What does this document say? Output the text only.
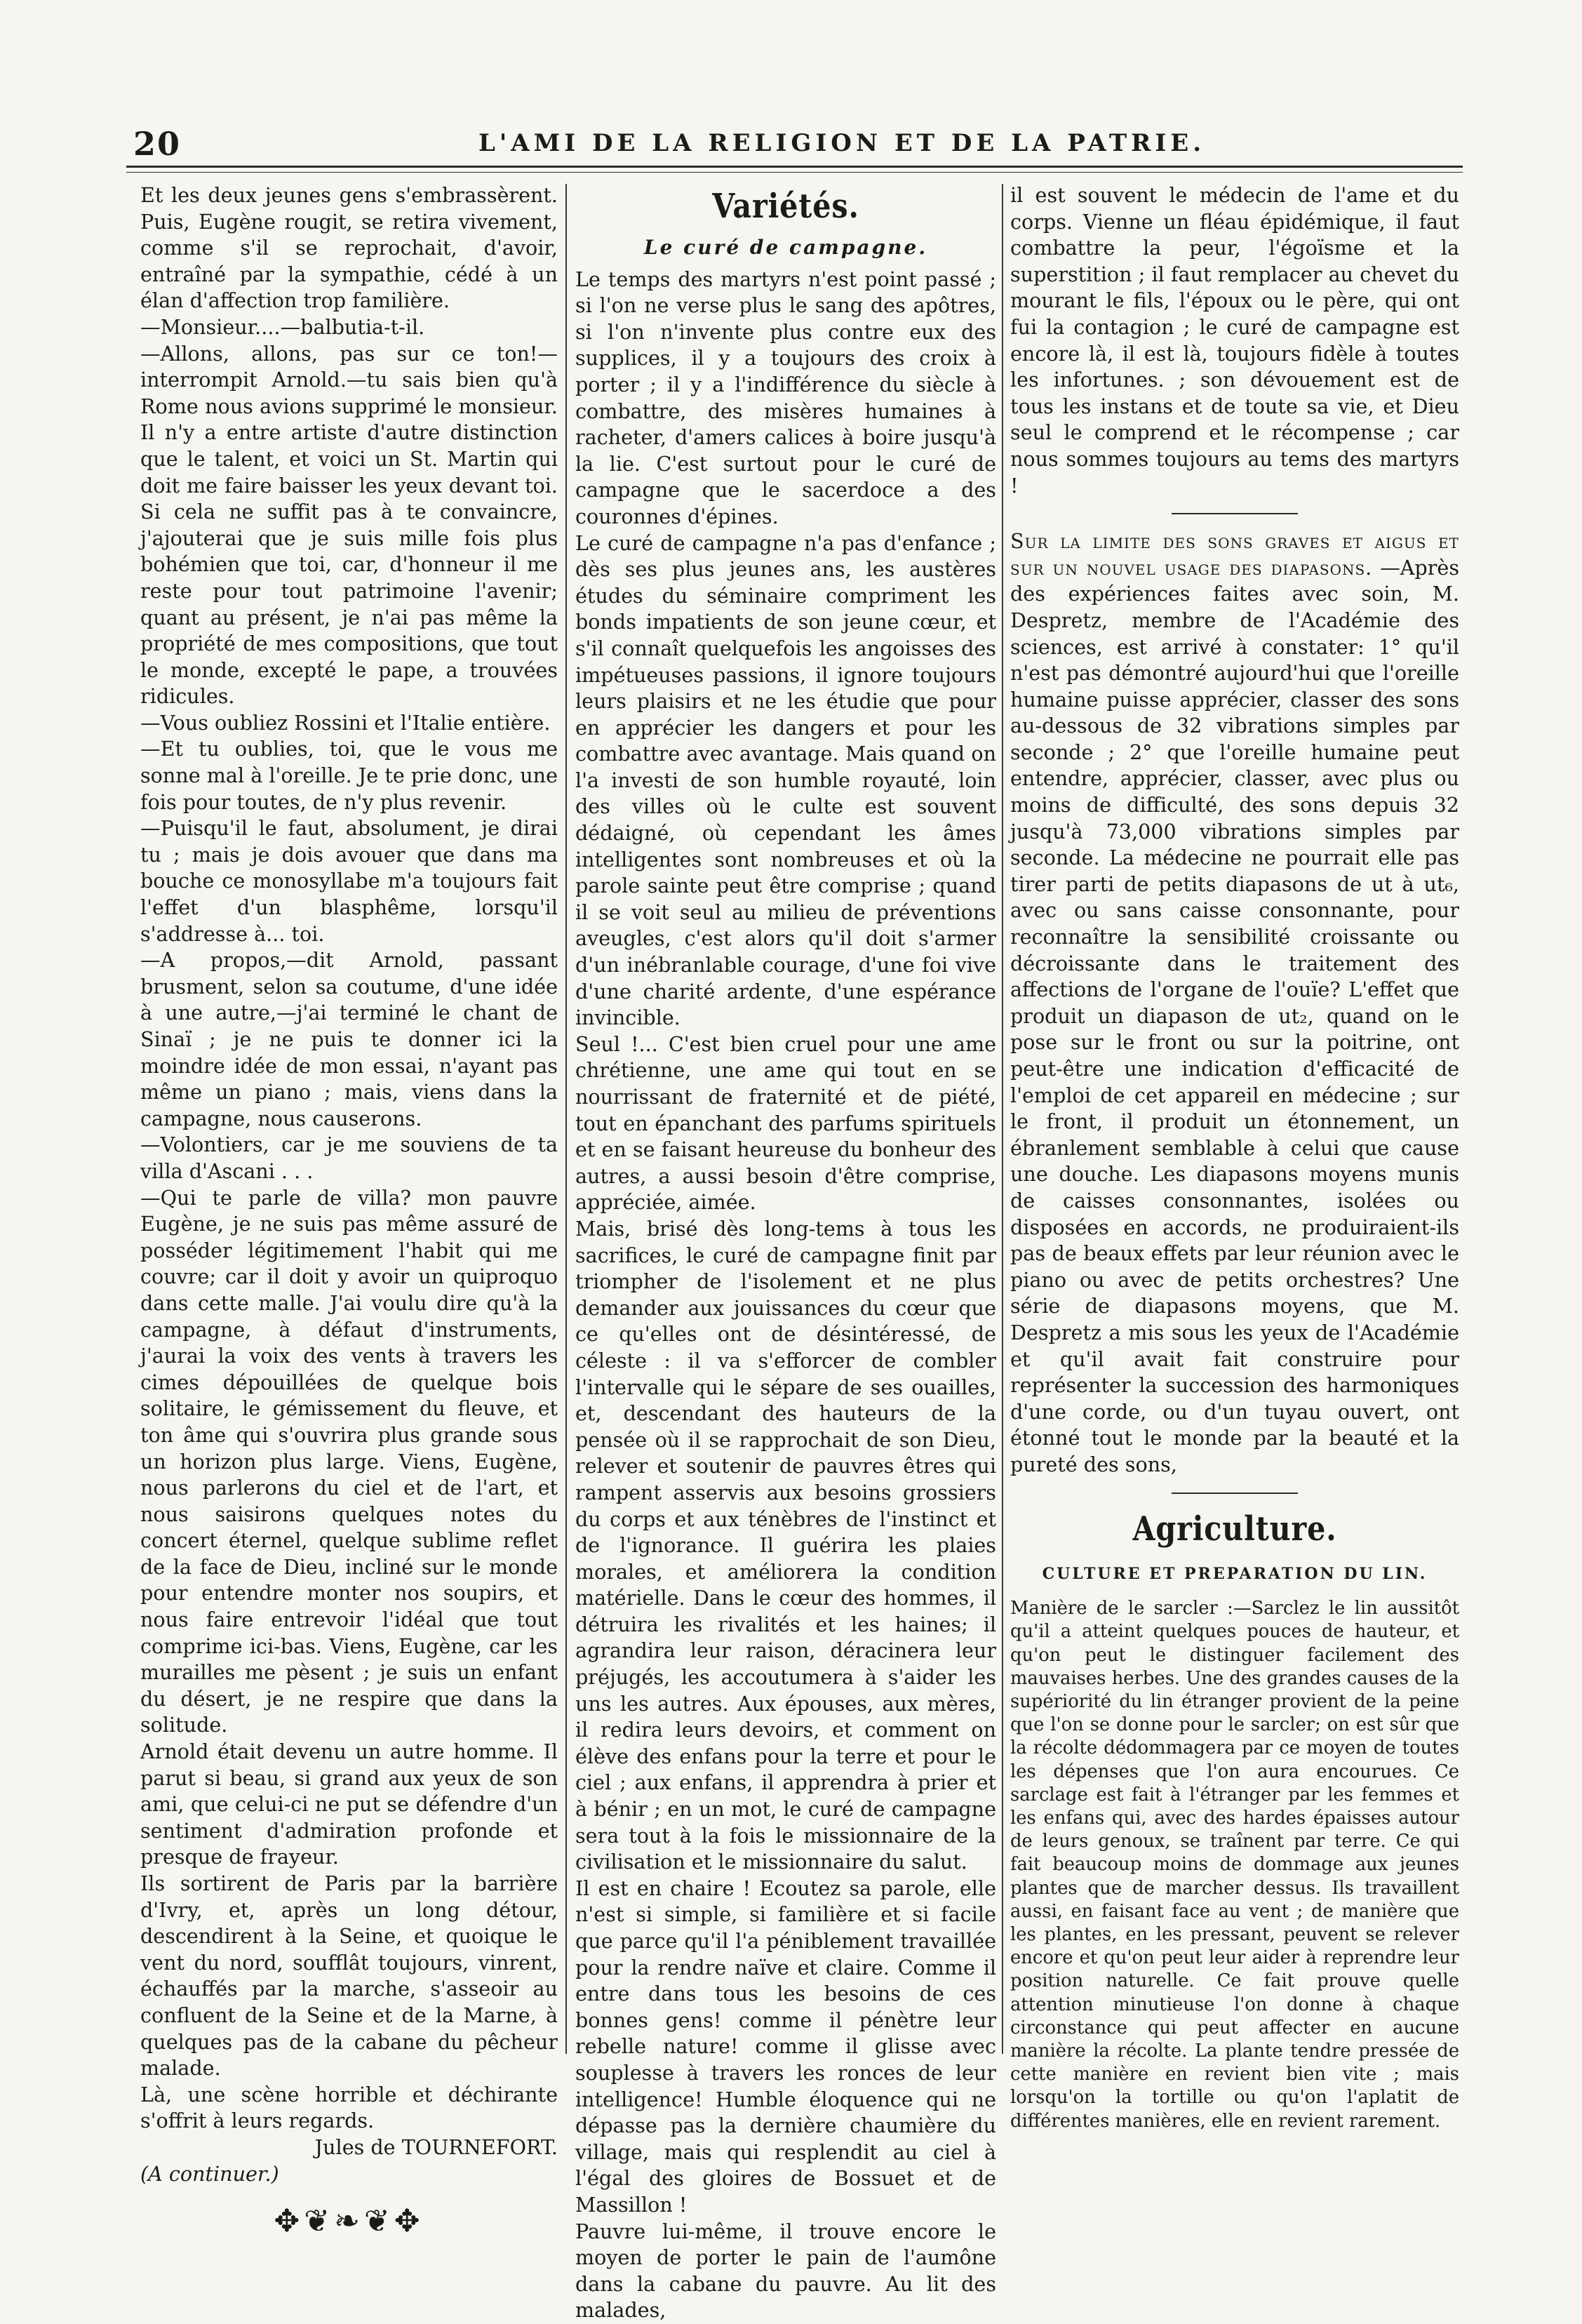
20	L'AMI DE LA RELIGION ET DE LA PATRIE.

Et les deux jeunes gens s'embrassèrent. Puis, Eugène rougit, se retira vivement, comme s'il se reprochait, d'avoir, entraîné par la sympathie, cédé à un élan d'affection trop familière.

—Monsieur....—balbutia-t-il.

—Allons, allons, pas sur ce ton!—interrompit Arnold.—tu sais bien qu'à Rome nous avions supprimé le monsieur. Il n'y a entre artiste d'autre distinction que le talent, et voici un St. Martin qui doit me faire baisser les yeux devant toi. Si cela ne suffit pas à te convaincre, j'ajouterai que je suis mille fois plus bohémien que toi, car, d'honneur il me reste pour tout patrimoine l'avenir; quant au présent, je n'ai pas même la propriété de mes compositions, que tout le monde, excepté le pape, a trouvées ridicules.

—Vous oubliez Rossini et l'Italie entière.

—Et tu oublies, toi, que le vous me sonne mal à l'oreille. Je te prie donc, une fois pour toutes, de n'y plus revenir.

—Puisqu'il le faut, absolument, je dirai tu ; mais je dois avouer que dans ma bouche ce monosyllabe m'a toujours fait l'effet d'un blasphême, lorsqu'il s'addresse à... toi.

—A propos,—dit Arnold, passant brusment, selon sa coutume, d'une idée à une autre,—j'ai terminé le chant de Sinaï ; je ne puis te donner ici la moindre idée de mon essai, n'ayant pas même un piano ; mais, viens dans la campagne, nous causerons.

—Volontiers, car je me souviens de ta villa d'Ascani . . .

—Qui te parle de villa? mon pauvre Eugène, je ne suis pas même assuré de posséder légitimement l'habit qui me couvre; car il doit y avoir un quiproquo dans cette malle. J'ai voulu dire qu'à la campagne, à défaut d'instruments, j'aurai la voix des vents à travers les cimes dépouillées de quelque bois solitaire, le gémissement du fleuve, et ton âme qui s'ouvrira plus grande sous un horizon plus large. Viens, Eugène, nous parlerons du ciel et de l'art, et nous saisirons quelques notes du concert éternel, quelque sublime reflet de la face de Dieu, incliné sur le monde pour entendre monter nos soupirs, et nous faire entrevoir l'idéal que tout comprime ici-bas. Viens, Eugène, car les murailles me pèsent ; je suis un enfant du désert, je ne respire que dans la solitude.

Arnold était devenu un autre homme. Il parut si beau, si grand aux yeux de son ami, que celui-ci ne put se défendre d'un sentiment d'admiration profonde et presque de frayeur.

Ils sortirent de Paris par la barrière d'Ivry, et, après un long détour, descendirent à la Seine, et quoique le vent du nord, soufflât toujours, vinrent, échauffés par la marche, s'asseoir au confluent de la Seine et de la Marne, à quelques pas de la cabane du pêcheur malade.

Là, une scène horrible et déchirante s'offrit à leurs regards.

Jules de TOURNEFORT.

(A continuer.)

✥❦❧❦✥
Variétés.
Le curé de campagne.

Le temps des martyrs n'est point passé ; si l'on ne verse plus le sang des apôtres, si l'on n'invente plus contre eux des supplices, il y a toujours des croix à porter ; il y a l'indifférence du siècle à combattre, des misères humaines à racheter, d'amers calices à boire jusqu'à la lie. C'est surtout pour le curé de campagne que le sacerdoce a des couronnes d'épines.

Le curé de campagne n'a pas d'enfance ; dès ses plus jeunes ans, les austères études du séminaire compriment les bonds impatients de son jeune cœur, et s'il connaît quelquefois les angoisses des impétueuses passions, il ignore toujours leurs plaisirs et ne les étudie que pour en apprécier les dangers et pour les combattre avec avantage. Mais quand on l'a investi de son humble royauté, loin des villes où le culte est souvent dédaigné, où cependant les âmes intelligentes sont nombreuses et où la parole sainte peut être comprise ; quand il se voit seul au milieu de préventions aveugles, c'est alors qu'il doit s'armer d'un inébranlable courage, d'une foi vive d'une charité ardente, d'une espérance invincible.

Seul !... C'est bien cruel pour une ame chrétienne, une ame qui tout en se nourrissant de fraternité et de piété, tout en épanchant des parfums spirituels et en se faisant heureuse du bonheur des autres, a aussi besoin d'être comprise, appréciée, aimée.

Mais, brisé dès long-tems à tous les sacrifices, le curé de campagne finit par triompher de l'isolement et ne plus demander aux jouissances du cœur que ce qu'elles ont de désintéressé, de céleste : il va s'efforcer de combler l'intervalle qui le sépare de ses ouailles, et, descendant des hauteurs de la pensée où il se rapprochait de son Dieu, relever et soutenir de pauvres êtres qui rampent asservis aux besoins grossiers du corps et aux ténèbres de l'instinct et de l'ignorance. Il guérira les plaies morales, et améliorera la condition matérielle. Dans le cœur des hommes, il détruira les rivalités et les haines; il agrandira leur raison, déracinera leur préjugés, les accoutumera à s'aider les uns les autres. Aux épouses, aux mères, il redira leurs devoirs, et comment on élève des enfans pour la terre et pour le ciel ; aux enfans, il apprendra à prier et à bénir ; en un mot, le curé de campagne sera tout à la fois le missionnaire de la civilisation et le missionnaire du salut.

Il est en chaire ! Ecoutez sa parole, elle n'est si simple, si familière et si facile que parce qu'il l'a péniblement travaillée pour la rendre naïve et claire. Comme il entre dans tous les besoins de ces bonnes gens! comme il pénètre leur rebelle nature! comme il glisse avec souplesse à travers les ronces de leur intelligence! Humble éloquence qui ne dépasse pas la dernière chaumière du village, mais qui resplendit au ciel à l'égal des gloires de Bossuet et de Massillon !

Pauvre lui-même, il trouve encore le moyen de porter le pain de l'aumône dans la cabane du pauvre. Au lit des malades,

il est souvent le médecin de l'ame et du corps. Vienne un fléau épidémique, il faut combattre la peur, l'égoïsme et la superstition ; il faut remplacer au chevet du mourant le fils, l'époux ou le père, qui ont fui la contagion ; le curé de campagne est encore là, il est là, toujours fidèle à toutes les infortunes. ; son dévouement est de tous les instans et de toute sa vie, et Dieu seul le comprend et le récompense ; car nous sommes toujours au tems des martyrs !

Sur la limite des sons graves et aigus et sur un nouvel usage des diapasons. —Après des expériences faites avec soin, M. Despretz, membre de l'Académie des sciences, est arrivé à constater: 1° qu'il n'est pas démontré aujourd'hui que l'oreille humaine puisse apprécier, classer des sons au-dessous de 32 vibrations simples par seconde ; 2° que l'oreille humaine peut entendre, apprécier, classer, avec plus ou moins de difficulté, des sons depuis 32 jusqu'à 73,000 vibrations simples par seconde. La médecine ne pourrait elle pas tirer parti de petits diapasons de ut à ut₆, avec ou sans caisse consonnante, pour reconnaître la sensibilité croissante ou décroissante dans le traitement des affections de l'organe de l'ouïe? L'effet que produit un diapason de ut₂, quand on le pose sur le front ou sur la poitrine, ont peut-être une indication d'efficacité de l'emploi de cet appareil en médecine ; sur le front, il produit un étonnement, un ébranlement semblable à celui que cause une douche. Les diapasons moyens munis de caisses consonnantes, isolées ou disposées en accords, ne produiraient-ils pas de beaux effets par leur réunion avec le piano ou avec de petits orchestres? Une série de diapasons moyens, que M. Despretz a mis sous les yeux de l'Académie et qu'il avait fait construire pour représenter la succession des harmoniques d'une corde, ou d'un tuyau ouvert, ont étonné tout le monde par la beauté et la pureté des sons,

Agriculture.
CULTURE ET PREPARATION DU LIN.

Manière de le sarcler :—Sarclez le lin aussitôt qu'il a atteint quelques pouces de hauteur, et qu'on peut le distinguer facilement des mauvaises herbes. Une des grandes causes de la supériorité du lin étranger provient de la peine que l'on se donne pour le sarcler; on est sûr que la récolte dédommagera par ce moyen de toutes les dépenses que l'on aura encourues. Ce sarclage est fait à l'étranger par les femmes et les enfans qui, avec des hardes épaisses autour de leurs genoux, se traînent par terre. Ce qui fait beaucoup moins de dommage aux jeunes plantes que de marcher dessus. Ils travaillent aussi, en faisant face au vent ; de manière que les plantes, en les pressant, peuvent se relever encore et qu'on peut leur aider à reprendre leur position naturelle. Ce fait prouve quelle attention minutieuse l'on donne à chaque circonstance qui peut affecter en aucune manière la récolte. La plante tendre pressée de cette manière en revient bien vite ; mais lorsqu'on la tortille ou qu'on l'aplatit de différentes manières, elle en revient rarement.
